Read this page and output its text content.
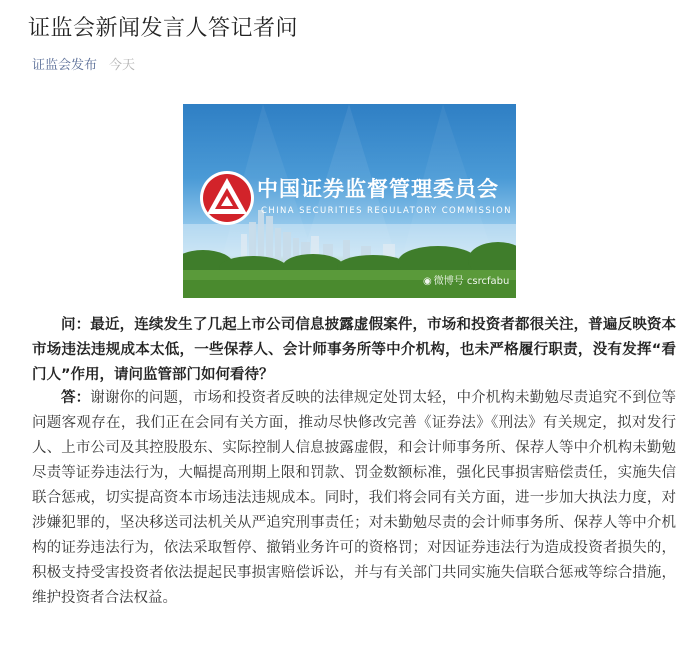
证监会新闻发言人答记者问
证监会发布 今天
中国证券监督管理委员会
CHINA SECURITIES REGULATORY COMMISSION
◉ 微博号 csrcfabu
问：最近，连续发生了几起上市公司信息披露虚假案件，市场和投资者都很关注，普遍反映资本市场违法违规成本太低，一些保荐人、会计师事务所等中介机构，也未严格履行职责，没有发挥“看门人”作用，请问监管部门如何看待？
答：谢谢你的问题，市场和投资者反映的法律规定处罚太轻，中介机构未勤勉尽责追究不到位等问题客观存在，我们正在会同有关方面，推动尽快修改完善《证券法》《刑法》有关规定，拟对发行人、上市公司及其控股股东、实际控制人信息披露虚假，和会计师事务所、保荐人等中介机构未勤勉尽责等证券违法行为，大幅提高刑期上限和罚款、罚金数额标准，强化民事损害赔偿责任，实施失信联合惩戒，切实提高资本市场违法违规成本。同时，我们将会同有关方面，进一步加大执法力度，对涉嫌犯罪的，坚决移送司法机关从严追究刑事责任；对未勤勉尽责的会计师事务所、保荐人等中介机构的证券违法行为，依法采取暂停、撤销业务许可的资格罚；对因证券违法行为造成投资者损失的，积极支持受害投资者依法提起民事损害赔偿诉讼，并与有关部门共同实施失信联合惩戒等综合措施，维护投资者合法权益。
